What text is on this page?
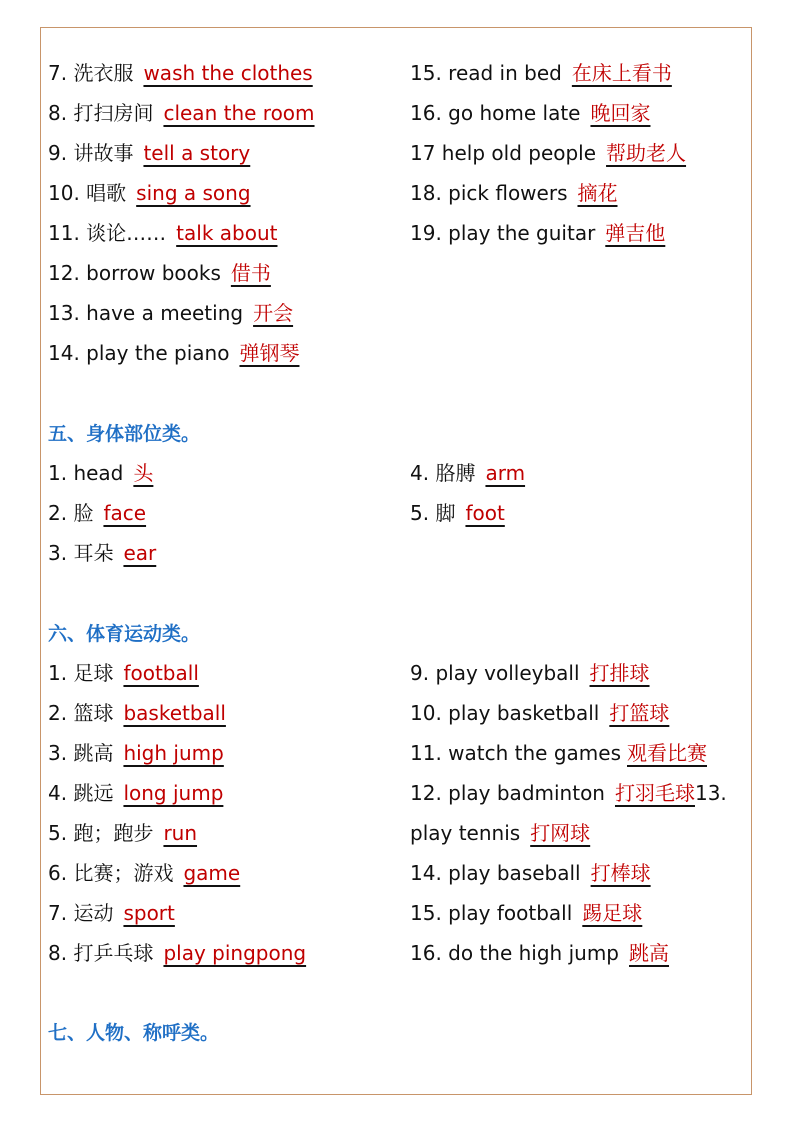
7. 洗衣服 wash the clothes
8. 打扫房间 clean the room
9. 讲故事 tell a story
10. 唱歌 sing a song
11. 谈论…… talk about
12. borrow books 借书
13. have a meeting 开会
14. play the piano 弹钢琴
15. read in bed 在床上看书
16. go home late 晚回家
17 help old people 帮助老人
18. pick flowers 摘花
19. play the guitar 弹吉他
五、身体部位类。
1. head 头
2. 脸 face
3. 耳朵 ear
4. 胳膊 arm
5. 脚 foot
六、体育运动类。
1. 足球 football
2. 篮球 basketball
3. 跳高 high jump
4. 跳远 long jump
5. 跑；跑步 run
6. 比赛；游戏 game
7. 运动 sport
8. 打乒乓球 play pingpong
9. play volleyball 打排球
10. play basketball 打篮球
11. watch the games 观看比赛
12. play badminton 打羽毛球13.
play tennis 打网球
14. play baseball 打棒球
15. play football 踢足球
16. do the high jump 跳高
七、人物、称呼类。
